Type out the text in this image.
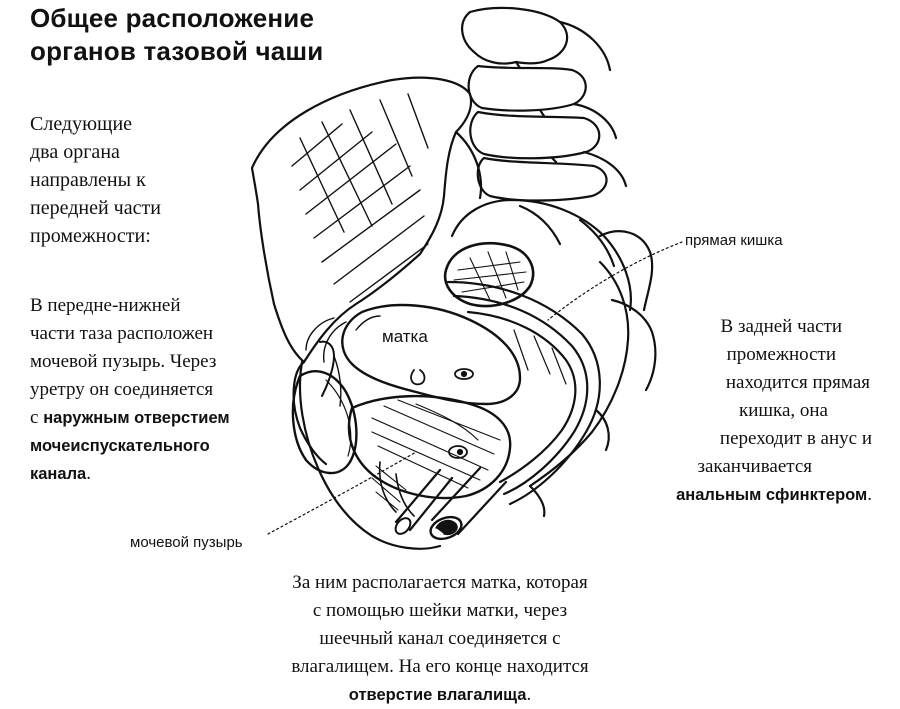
Общее расположение
органов тазовой чаши
Следующие
два органа
направлены к
передней части
промежности:
В передне-нижней
части таза расположен
мочевой пузырь. Через
уретру он соединяется
с наружным отверстием
мочеиспускательного
канала.
В задней части
промежности
находится прямая
кишка, она
переходит в анус и
заканчивается
анальным сфинктером.
За ним располагается матка, которая
с помощью шейки матки, через
шеечный канал соединяется с
влагалищем. На его конце находится
отверстие влагалища.
прямая кишка
мочевой пузырь
матка
